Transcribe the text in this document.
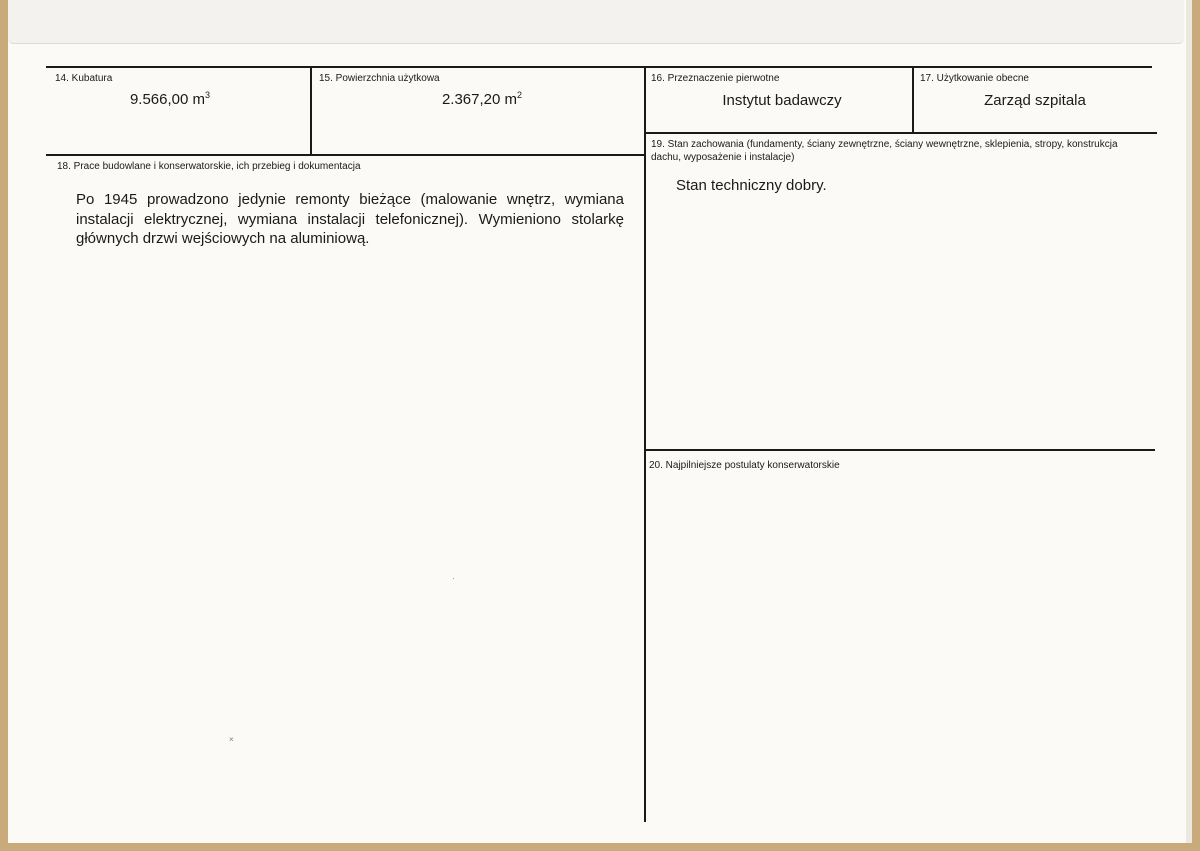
14. Kubatura
9.566,00 $m^3$
15. Powierzchnia użytkowa
2.367,20 $m^2$
16. Przeznaczenie pierwotne
Instytut badawczy
17. Użytkowanie obecne
Zarząd szpitala
18. Prace budowlane i konserwatorskie, ich przebieg i dokumentacja
Po 1945 prowadzono jedynie remonty bieżące (malowanie wnętrz, wymiana instalacji elektrycznej, wymiana instalacji telefonicznej). Wymieniono stolarkę głównych drzwi wejściowych na aluminiową.
19. Stan zachowania (fundamenty, ściany zewnętrzne, ściany wewnętrzne, sklepienia, stropy, konstrukcja dachu, wyposażenie i instalacje)
Stan techniczny dobry.
20. Najpilniejsze postulaty konserwatorskie
·
×
